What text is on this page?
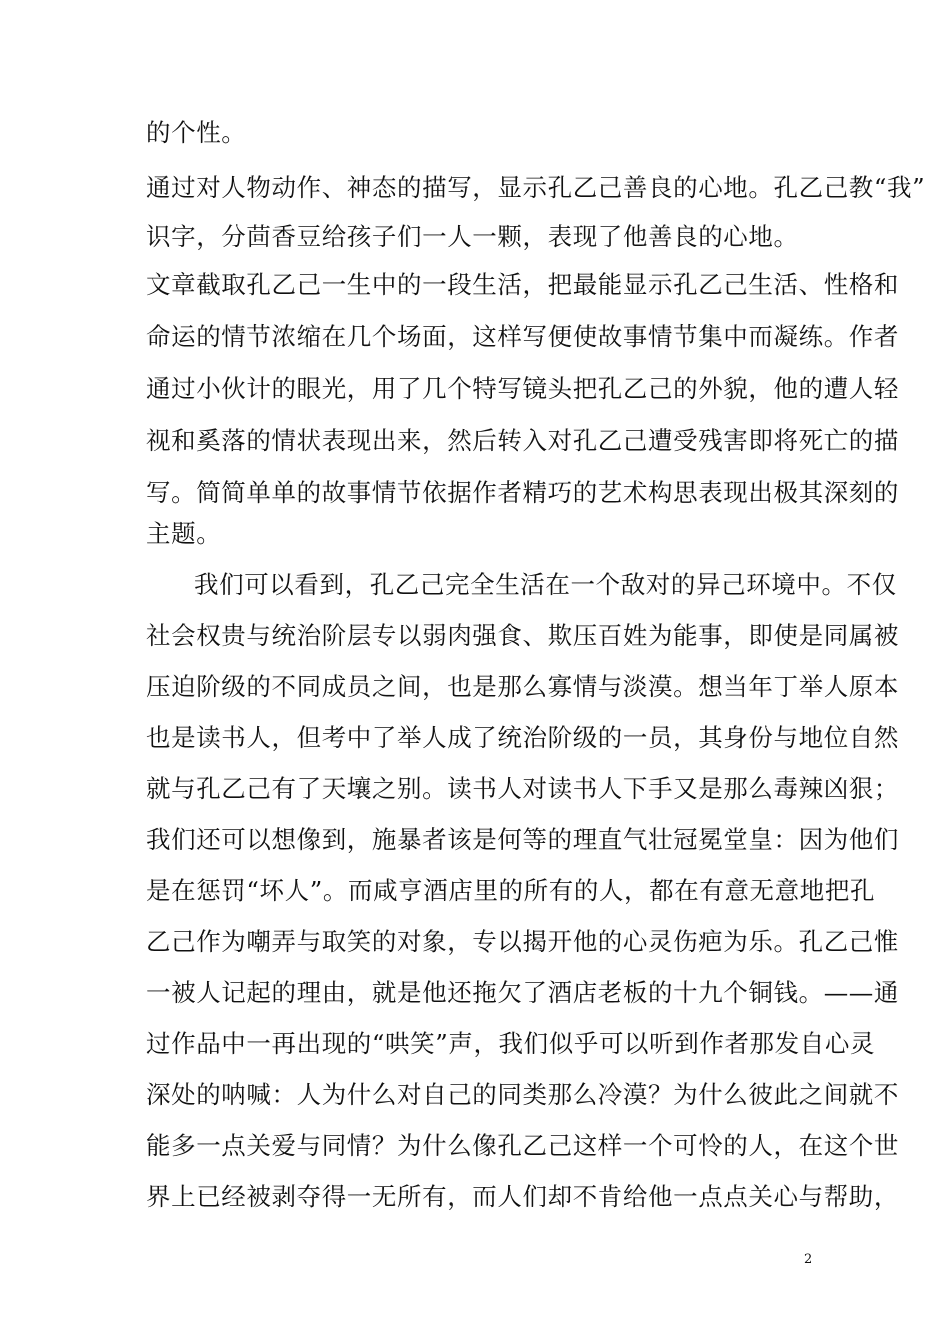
的个性。
通过对人物动作、神态的描写，显示孔乙己善良的心地。孔乙己教“我”
识字，分茴香豆给孩子们一人一颗，表现了他善良的心地。
文章截取孔乙己一生中的一段生活，把最能显示孔乙己生活、性格和
命运的情节浓缩在几个场面，这样写便使故事情节集中而凝练。作者
通过小伙计的眼光，用了几个特写镜头把孔乙己的外貌，他的遭人轻
视和奚落的情状表现出来，然后转入对孔乙己遭受残害即将死亡的描
写。简简单单的故事情节依据作者精巧的艺术构思表现出极其深刻的
主题。
我们可以看到，孔乙己完全生活在一个敌对的异己环境中。不仅
社会权贵与统治阶层专以弱肉强食、欺压百姓为能事，即使是同属被
压迫阶级的不同成员之间，也是那么寡情与淡漠。想当年丁举人原本
也是读书人，但考中了举人成了统治阶级的一员，其身份与地位自然
就与孔乙己有了天壤之别。读书人对读书人下手又是那么毒辣凶狠；
我们还可以想像到，施暴者该是何等的理直气壮冠冕堂皇：因为他们
是在惩罚“坏人”。而咸亨酒店里的所有的人，都在有意无意地把孔
乙己作为嘲弄与取笑的对象，专以揭开他的心灵伤疤为乐。孔乙己惟
一被人记起的理由，就是他还拖欠了酒店老板的十九个铜钱。——通
过作品中一再出现的“哄笑”声，我们似乎可以听到作者那发自心灵
深处的呐喊：人为什么对自己的同类那么冷漠？为什么彼此之间就不
能多一点关爱与同情？为什么像孔乙己这样一个可怜的人，在这个世
界上已经被剥夺得一无所有，而人们却不肯给他一点点关心与帮助，
2
